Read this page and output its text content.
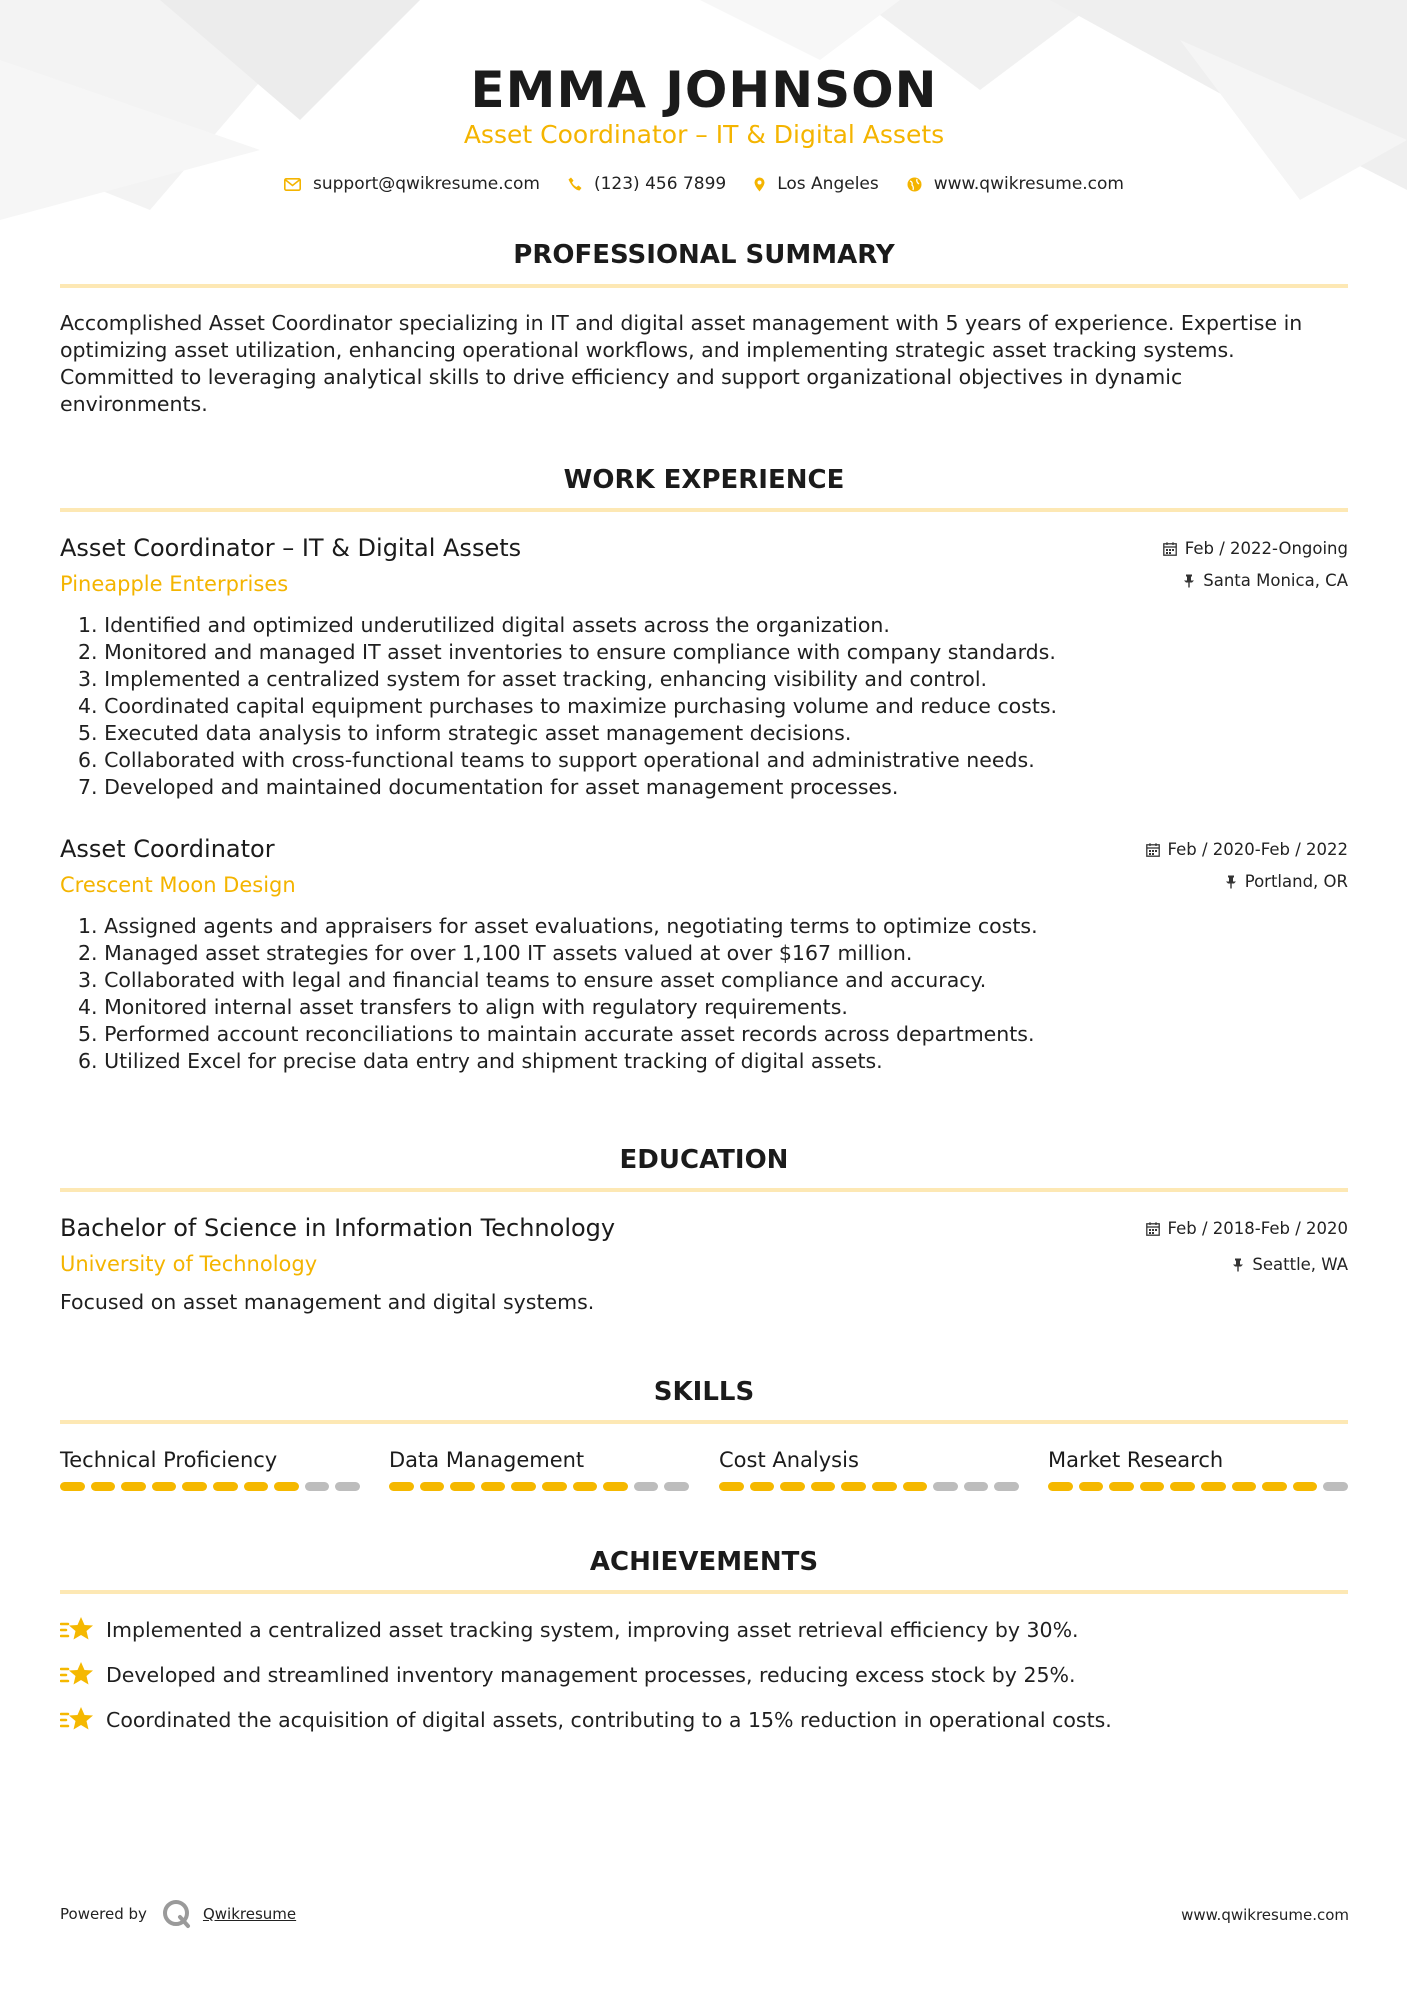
EMMA JOHNSON
Asset Coordinator – IT & Digital Assets
support@qwikresume.com	(123) 456 7899	Los Angeles	www.qwikresume.com
PROFESSIONAL SUMMARY
Accomplished Asset Coordinator specializing in IT and digital asset management with 5 years of experience. Expertise in
optimizing asset utilization, enhancing operational workflows, and implementing strategic asset tracking systems.
Committed to leveraging analytical skills to drive efficiency and support organizational objectives in dynamic
environments.
WORK EXPERIENCE
Asset Coordinator – IT & Digital Assets
Pineapple Enterprises
Feb / 2022-Ongoing
Santa Monica, CA
1. Identified and optimized underutilized digital assets across the organization.
2. Monitored and managed IT asset inventories to ensure compliance with company standards.
3. Implemented a centralized system for asset tracking, enhancing visibility and control.
4. Coordinated capital equipment purchases to maximize purchasing volume and reduce costs.
5. Executed data analysis to inform strategic asset management decisions.
6. Collaborated with cross-functional teams to support operational and administrative needs.
7. Developed and maintained documentation for asset management processes.
Asset Coordinator
Crescent Moon Design
Feb / 2020-Feb / 2022
Portland, OR
1. Assigned agents and appraisers for asset evaluations, negotiating terms to optimize costs.
2. Managed asset strategies for over 1,100 IT assets valued at over $167 million.
3. Collaborated with legal and financial teams to ensure asset compliance and accuracy.
4. Monitored internal asset transfers to align with regulatory requirements.
5. Performed account reconciliations to maintain accurate asset records across departments.
6. Utilized Excel for precise data entry and shipment tracking of digital assets.
EDUCATION
Bachelor of Science in Information Technology
University of Technology
Feb / 2018-Feb / 2020
Seattle, WA
Focused on asset management and digital systems.
SKILLS
Technical Proficiency	Data Management	Cost Analysis	Market Research
ACHIEVEMENTS
Implemented a centralized asset tracking system, improving asset retrieval efficiency by 30%.
Developed and streamlined inventory management processes, reducing excess stock by 25%.
Coordinated the acquisition of digital assets, contributing to a 15% reduction in operational costs.
Powered by	Qwikresume	www.qwikresume.com
